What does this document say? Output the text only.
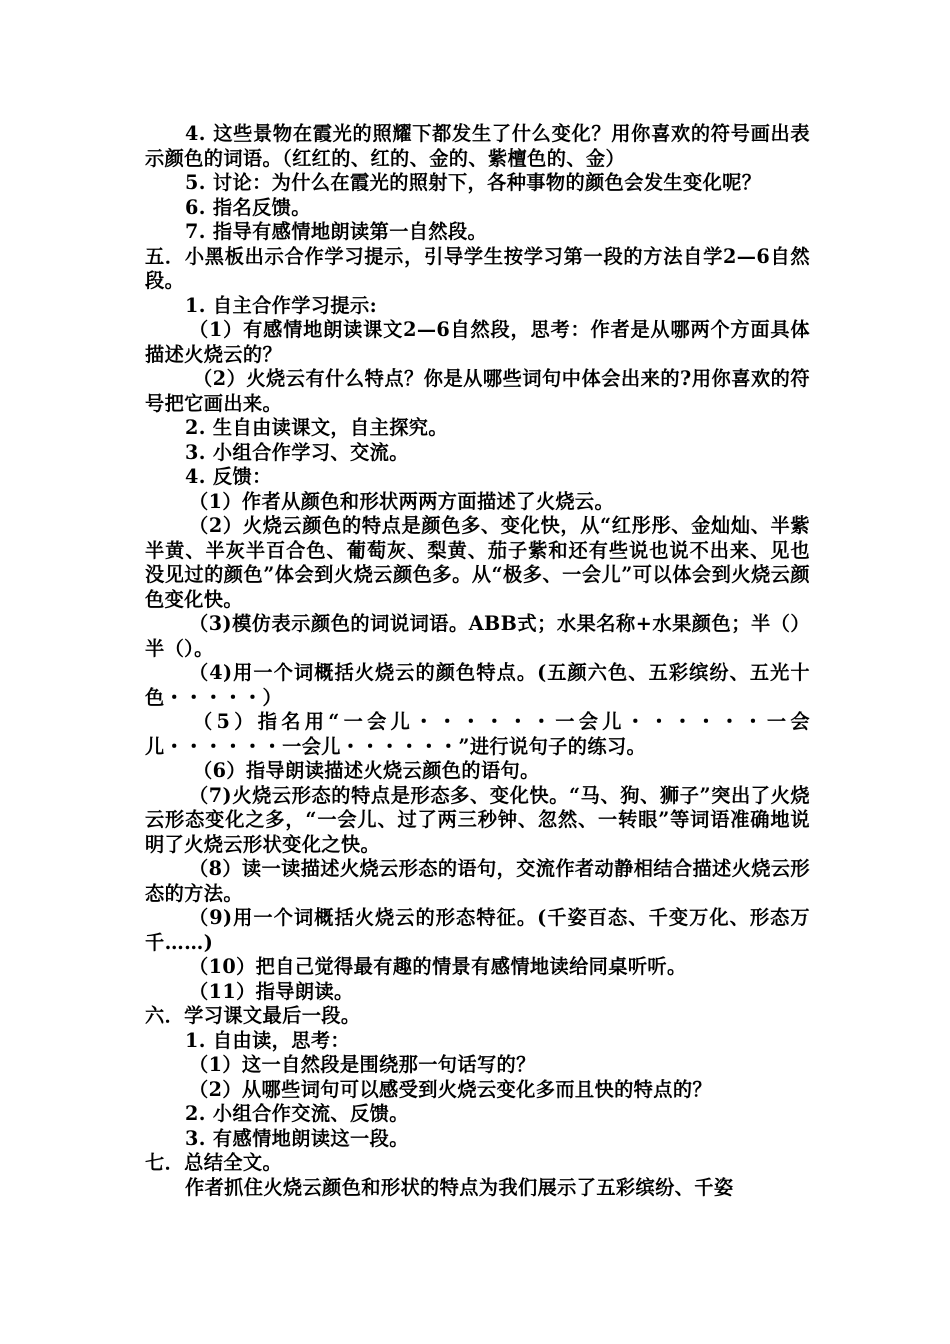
4. 这些景物在霞光的照耀下都发生了什么变化？用你喜欢的符号画出表示颜色的词语。（红红的、红的、金的、紫檀色的、金）

5. 讨论：为什么在霞光的照射下，各种事物的颜色会发生变化呢？

6. 指名反馈。

7. 指导有感情地朗读第一自然段。

五．小黑板出示合作学习提示，引导学生按学习第一段的方法自学2—6自然段。

1. 自主合作学习提示:

（1）有感情地朗读课文2—6自然段，思考：作者是从哪两个方面具体描述火烧云的？

（2）火烧云有什么特点？你是从哪些词句中体会出来的?用你喜欢的符号把它画出来。

2. 生自由读课文，自主探究。

3. 小组合作学习、交流。

4. 反馈：

（1）作者从颜色和形状两两方面描述了火烧云。

（2）火烧云颜色的特点是颜色多、变化快，从“红彤彤、金灿灿、半紫半黄、半灰半百合色、葡萄灰、梨黄、茄子紫和还有些说也说不出来、见也没见过的颜色”体会到火烧云颜色多。从“极多、一会儿”可以体会到火烧云颜色变化快。

（3)模仿表示颜色的词说词语。ABB式；水果名称+水果颜色；半（）半（）。

（4)用一个词概括火烧云的颜色特点。(五颜六色、五彩缤纷、五光十色・・・・・）

（5）指名用“一会儿・・・・・・一会儿・・・・・・一会儿・・・・・・一会儿・・・・・・”进行说句子的练习。

（6）指导朗读描述火烧云颜色的语句。

（7)火烧云形态的特点是形态多、变化快。“马、狗、狮子”突出了火烧云形态变化之多，“一会儿、过了两三秒钟、忽然、一转眼”等词语准确地说明了火烧云形状变化之快。

（8）读一读描述火烧云形态的语句，交流作者动静相结合描述火烧云形态的方法。

（9)用一个词概括火烧云的形态特征。(千姿百态、千变万化、形态万千……)

（10）把自己觉得最有趣的情景有感情地读给同桌听听。

（11）指导朗读。

六．学习课文最后一段。

1. 自由读，思考：

（1）这一自然段是围绕那一句话写的？

（2）从哪些词句可以感受到火烧云变化多而且快的特点的？

2. 小组合作交流、反馈。

3. 有感情地朗读这一段。

七．总结全文。

作者抓住火烧云颜色和形状的特点为我们展示了五彩缤纷、千姿
